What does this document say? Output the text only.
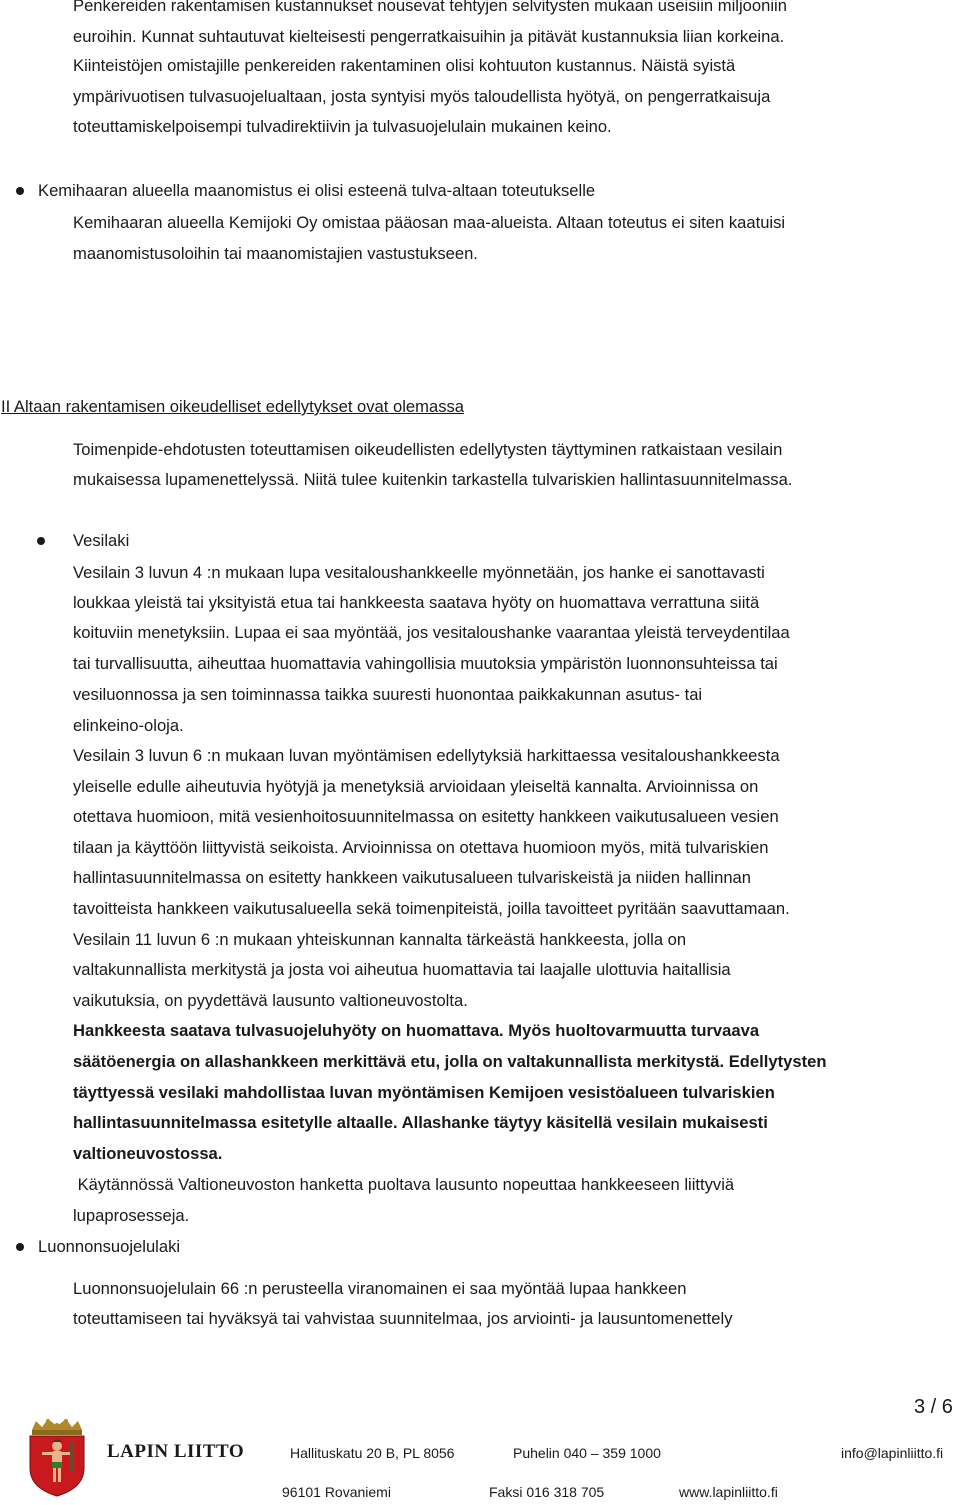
Penkereiden rakentamisen kustannukset nousevat tehtyjen selvitysten mukaan useisiin miljooniin
euroihin. Kunnat suhtautuvat kielteisesti pengerratkaisuihin ja pitävät kustannuksia liian korkeina.
Kiinteistöjen omistajille penkereiden rakentaminen olisi kohtuuton kustannus. Näistä syistä
ympärivuotisen tulvasuojelualtaan, josta syntyisi myös taloudellista hyötyä, on pengerratkaisuja
toteuttamiskelpoisempi tulvadirektiivin ja tulvasuojelulain mukainen keino.
Kemihaaran alueella maanomistus ei olisi esteenä tulva-altaan toteutukselle
Kemihaaran alueella Kemijoki Oy omistaa pääosan maa-alueista. Altaan toteutus ei siten kaatuisi
maanomistusoloihin tai maanomistajien vastustukseen.
II Altaan rakentamisen oikeudelliset edellytykset ovat olemassa
Toimenpide-ehdotusten toteuttamisen oikeudellisten edellytysten täyttyminen ratkaistaan vesilain
mukaisessa lupamenettelyssä. Niitä tulee kuitenkin tarkastella tulvariskien hallintasuunnitelmassa.
Vesilaki
Vesilain 3 luvun 4 :n mukaan lupa vesitaloushankkeelle myönnetään, jos hanke ei sanottavasti
loukkaa yleistä tai yksityistä etua tai hankkeesta saatava hyöty on huomattava verrattuna siitä
koituviin menetyksiin. Lupaa ei saa myöntää, jos vesitaloushanke vaarantaa yleistä terveydentilaa
tai turvallisuutta, aiheuttaa huomattavia vahingollisia muutoksia ympäristön luonnonsuhteissa tai
vesiluonnossa ja sen toiminnassa taikka suuresti huonontaa paikkakunnan asutus- tai
elinkeino-oloja.
Vesilain 3 luvun 6 :n mukaan luvan myöntämisen edellytyksiä harkittaessa vesitaloushankkeesta
yleiselle edulle aiheutuvia hyötyjä ja menetyksiä arvioidaan yleiseltä kannalta. Arvioinnissa on
otettava huomioon, mitä vesienhoitosuunnitelmassa on esitetty hankkeen vaikutusalueen vesien
tilaan ja käyttöön liittyvistä seikoista. Arvioinnissa on otettava huomioon myös, mitä tulvariskien
hallintasuunnitelmassa on esitetty hankkeen vaikutusalueen tulvariskeistä ja niiden hallinnan
tavoitteista hankkeen vaikutusalueella sekä toimenpiteistä, joilla tavoitteet pyritään saavuttamaan.
Vesilain 11 luvun 6 :n mukaan yhteiskunnan kannalta tärkeästä hankkeesta, jolla on
valtakunnallista merkitystä ja josta voi aiheutua huomattavia tai laajalle ulottuvia haitallisia
vaikutuksia, on pyydettävä lausunto valtioneuvostolta.
Hankkeesta saatava tulvasuojeluhyöty on huomattava. Myös huoltovarmuutta turvaava
säätöenergia on allashankkeen merkittävä etu, jolla on valtakunnallista merkitystä. Edellytysten
täyttyessä vesilaki mahdollistaa luvan myöntämisen Kemijoen vesistöalueen tulvariskien
hallintasuunnitelmassa esitetylle altaalle. Allashanke täytyy käsitellä vesilain mukaisesti
valtioneuvostossa.
Käytännössä Valtioneuvoston hanketta puoltava lausunto nopeuttaa hankkeeseen liittyviä
lupaprosesseja.
Luonnonsuojelulaki
Luonnonsuojelulain 66 :n perusteella viranomainen ei saa myöntää lupaa hankkeen
toteuttamiseen tai hyväksyä tai vahvistaa suunnitelmaa, jos arviointi- ja lausuntomenettely
3 / 6
LAPIN LIITTO	Hallituskatu 20 B, PL 8056	Puhelin 040 – 359 1000	info@lapinliitto.fi
96101 Rovaniemi	Faksi 016 318 705	www.lapinliitto.fi
